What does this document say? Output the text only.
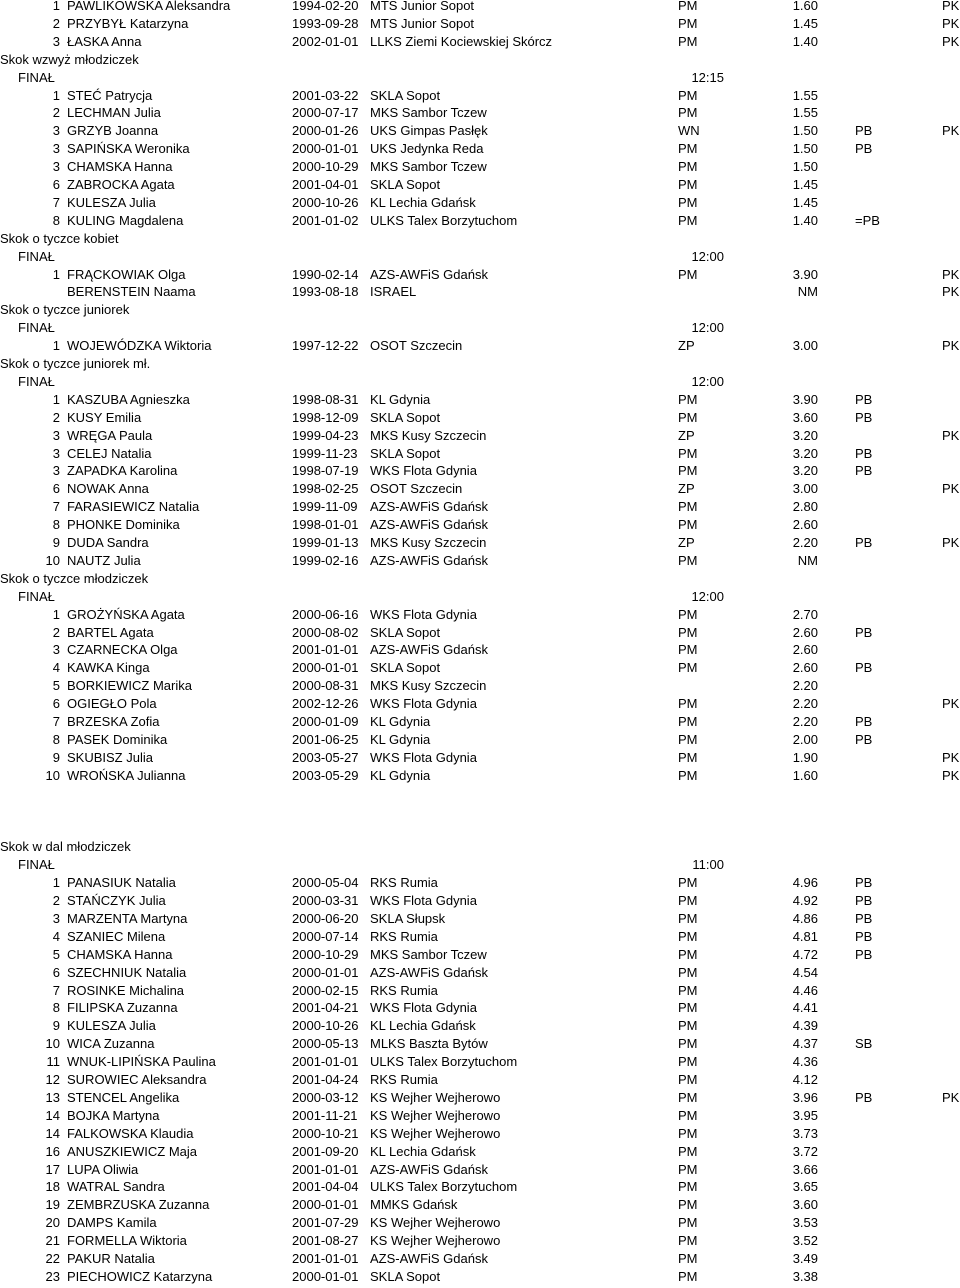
1 PAWLIKOWSKA Aleksandra	1994-02-20 MTS Junior Sopot	PM	1.60	PK
2 PRZYBYŁ Katarzyna	1993-09-28 MTS Junior Sopot	PM	1.45	PK
3 ŁASKA Anna	2002-01-01 LLKS Ziemi Kociewskiej Skórcz	PM	1.40	PK
Skok wzwyż młodziczek
FINAŁ	12:15
1 STEĆ Patrycja	2001-03-22 SKLA Sopot	PM	1.55
2 LECHMAN Julia	2000-07-17 MKS Sambor Tczew	PM	1.55
3 GRZYB Joanna	2000-01-26 UKS Gimpas Pasłęk	WN	1.50	PB	PK
3 SAPIŃSKA Weronika	2000-01-01 UKS Jedynka Reda	PM	1.50	PB
3 CHAMSKA Hanna	2000-10-29 MKS Sambor Tczew	PM	1.50
6 ZABROCKA Agata	2001-04-01 SKLA Sopot	PM	1.45
7 KULESZA Julia	2000-10-26 KL Lechia Gdańsk	PM	1.45
8 KULING Magdalena	2001-01-02 ULKS Talex Borzytuchom	PM	1.40	=PB
Skok o tyczce kobiet
FINAŁ	12:00
1 FRĄCKOWIAK Olga	1990-02-14 AZS-AWFiS Gdańsk	PM	3.90	PK
BERENSTEIN Naama	1993-08-18 ISRAEL	NM	PK
Skok o tyczce juniorek
FINAŁ	12:00
1 WOJEWÓDZKA Wiktoria	1997-12-22 OSOT Szczecin	ZP	3.00	PK
Skok o tyczce juniorek mł.
FINAŁ	12:00
1 KASZUBA Agnieszka	1998-08-31 KL Gdynia	PM	3.90	PB
2 KUSY Emilia	1998-12-09 SKLA Sopot	PM	3.60	PB
3 WRĘGA Paula	1999-04-23 MKS Kusy Szczecin	ZP	3.20	PK
3 CELEJ Natalia	1999-11-23 SKLA Sopot	PM	3.20	PB
3 ZAPADKA Karolina	1998-07-19 WKS Flota Gdynia	PM	3.20	PB
6 NOWAK Anna	1998-02-25 OSOT Szczecin	ZP	3.00	PK
7 FARASIEWICZ Natalia	1999-11-09 AZS-AWFiS Gdańsk	PM	2.80
8 PHONKE Dominika	1998-01-01 AZS-AWFiS Gdańsk	PM	2.60
9 DUDA Sandra	1999-01-13 MKS Kusy Szczecin	ZP	2.20	PB	PK
10 NAUTZ Julia	1999-02-16 AZS-AWFiS Gdańsk	PM	NM
Skok o tyczce młodziczek
FINAŁ	12:00
1 GROŻYŃSKA Agata	2000-06-16 WKS Flota Gdynia	PM	2.70
2 BARTEL Agata	2000-08-02 SKLA Sopot	PM	2.60	PB
3 CZARNECKA Olga	2001-01-01 AZS-AWFiS Gdańsk	PM	2.60
4 KAWKA Kinga	2000-01-01 SKLA Sopot	PM	2.60	PB
5 BORKIEWICZ Marika	2000-08-31 MKS Kusy Szczecin	2.20
6 OGIEGŁO Pola	2002-12-26 WKS Flota Gdynia	PM	2.20	PK
7 BRZESKA Zofia	2000-01-09 KL Gdynia	PM	2.20	PB
8 PASEK Dominika	2001-06-25 KL Gdynia	PM	2.00	PB
9 SKUBISZ Julia	2003-05-27 WKS Flota Gdynia	PM	1.90	PK
10 WROŃSKA Julianna	2003-05-29 KL Gdynia	PM	1.60	PK
Skok w dal młodziczek
FINAŁ	11:00
1 PANASIUK Natalia	2000-05-04 RKS Rumia	PM	4.96	PB
2 STAŃCZYK Julia	2000-03-31 WKS Flota Gdynia	PM	4.92	PB
3 MARZENTA Martyna	2000-06-20 SKLA Słupsk	PM	4.86	PB
4 SZANIEC Milena	2000-07-14 RKS Rumia	PM	4.81	PB
5 CHAMSKA Hanna	2000-10-29 MKS Sambor Tczew	PM	4.72	PB
6 SZECHNIUK Natalia	2000-01-01 AZS-AWFiS Gdańsk	PM	4.54
7 ROSINKE Michalina	2000-02-15 RKS Rumia	PM	4.46
8 FILIPSKA Zuzanna	2001-04-21 WKS Flota Gdynia	PM	4.41
9 KULESZA Julia	2000-10-26 KL Lechia Gdańsk	PM	4.39
10 WICA Zuzanna	2000-05-13 MLKS Baszta Bytów	PM	4.37	SB
11 WNUK-LIPIŃSKA Paulina	2001-01-01 ULKS Talex Borzytuchom	PM	4.36
12 SUROWIEC Aleksandra	2001-04-24 RKS Rumia	PM	4.12
13 STENCEL Angelika	2000-03-12 KS Wejher Wejherowo	PM	3.96	PB	PK
14 BOJKA Martyna	2001-11-21 KS Wejher Wejherowo	PM	3.95
14 FALKOWSKA Klaudia	2000-10-21 KS Wejher Wejherowo	PM	3.73
16 ANUSZKIEWICZ Maja	2001-09-20 KL Lechia Gdańsk	PM	3.72
17 LUPA Oliwia	2001-01-01 AZS-AWFiS Gdańsk	PM	3.66
18 WATRAL Sandra	2001-04-04 ULKS Talex Borzytuchom	PM	3.65
19 ZEMBRZUSKA Zuzanna	2000-01-01 MMKS Gdańsk	PM	3.60
20 DAMPS Kamila	2001-07-29 KS Wejher Wejherowo	PM	3.53
21 FORMELLA Wiktoria	2001-08-27 KS Wejher Wejherowo	PM	3.52
22 PAKUR Natalia	2001-01-01 AZS-AWFiS Gdańsk	PM	3.49
23 PIECHOWICZ Katarzyna	2000-01-01 SKLA Sopot	PM	3.38
